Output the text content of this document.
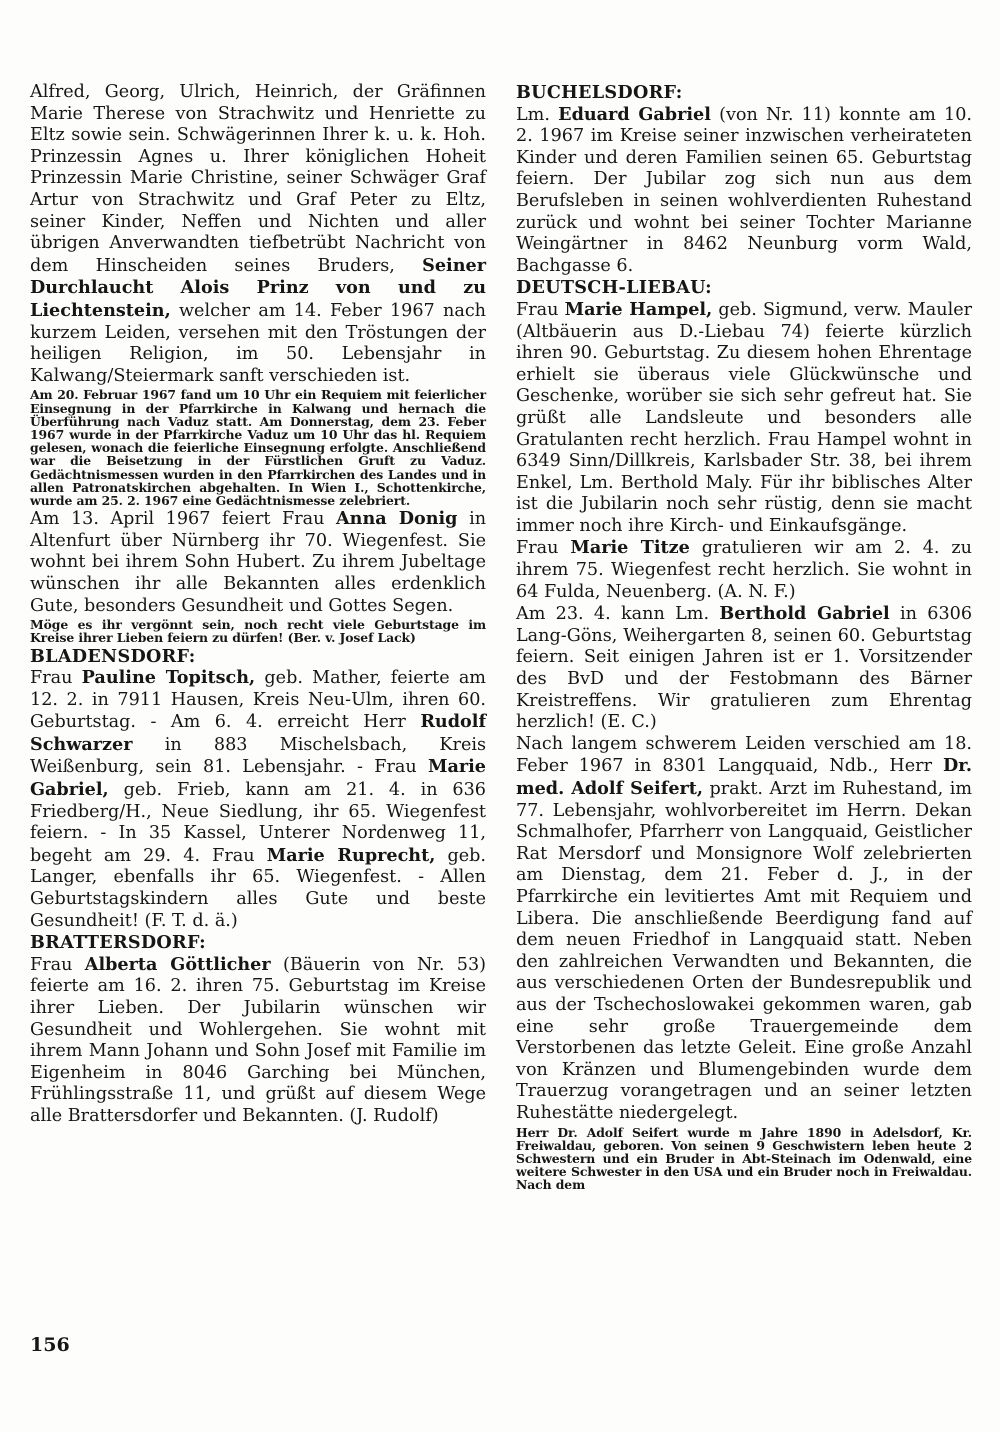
Alfred, Georg, Ulrich, Heinrich, der Gräfinnen Marie Therese von Strachwitz und Henriette zu Eltz sowie sein. Schwägerinnen Ihrer k. u. k. Hoh. Prinzessin Agnes u. Ihrer königlichen Hoheit Prinzessin Marie Christine, seiner Schwäger Graf Artur von Strachwitz und Graf Peter zu Eltz, seiner Kinder, Neffen und Nichten und aller übrigen Anverwandten tiefbetrübt Nachricht von dem Hinscheiden seines Bruders, Seiner Durchlaucht Alois Prinz von und zu Liechtenstein, welcher am 14. Feber 1967 nach kurzem Leiden, versehen mit den Tröstungen der heiligen Religion, im 50. Lebensjahr in Kalwang/Steiermark sanft verschieden ist.

Am 20. Februar 1967 fand um 10 Uhr ein Requiem mit feierlicher Einsegnung in der Pfarrkirche in Kalwang und hernach die Überführung nach Vaduz statt. Am Donnerstag, dem 23. Feber 1967 wurde in der Pfarrkirche Vaduz um 10 Uhr das hl. Requiem gelesen, wonach die feierliche Einsegnung erfolgte. Anschließend war die Beisetzung in der Fürstlichen Gruft zu Vaduz. Gedächtnismessen wurden in den Pfarrkirchen des Landes und in allen Patronatskirchen abgehalten. In Wien I., Schottenkirche, wurde am 25. 2. 1967 eine Gedächtnismesse zelebriert.

Am 13. April 1967 feiert Frau Anna Donig in Altenfurt über Nürnberg ihr 70. Wiegenfest. Sie wohnt bei ihrem Sohn Hubert. Zu ihrem Jubeltage wünschen ihr alle Bekannten alles erdenklich Gute, besonders Gesundheit und Gottes Segen.

Möge es ihr vergönnt sein, noch recht viele Geburtstage im Kreise ihrer Lieben feiern zu dürfen! (Ber. v. Josef Lack)

BLADENSDORF:

Frau Pauline Topitsch, geb. Mather, feierte am 12. 2. in 7911 Hausen, Kreis Neu-Ulm, ihren 60. Geburtstag. - Am 6. 4. erreicht Herr Rudolf Schwarzer in 883 Mischelsbach, Kreis Weißenburg, sein 81. Lebensjahr. - Frau Marie Gabriel, geb. Frieb, kann am 21. 4. in 636 Friedberg/H., Neue Siedlung, ihr 65. Wiegenfest feiern. - In 35 Kassel, Unterer Nordenweg 11, begeht am 29. 4. Frau Marie Ruprecht, geb. Langer, ebenfalls ihr 65. Wiegenfest. - Allen Geburtstagskindern alles Gute und beste Gesundheit! (F. T. d. ä.)

BRATTERSDORF:

Frau Alberta Göttlicher (Bäuerin von Nr. 53) feierte am 16. 2. ihren 75. Geburtstag im Kreise ihrer Lieben. Der Jubilarin wünschen wir Gesundheit und Wohlergehen. Sie wohnt mit ihrem Mann Johann und Sohn Josef mit Familie im Eigenheim in 8046 Garching bei München, Frühlingsstraße 11, und grüßt auf diesem Wege alle Brattersdorfer und Bekannten. (J. Rudolf)

BUCHELSDORF:

Lm. Eduard Gabriel (von Nr. 11) konnte am 10. 2. 1967 im Kreise seiner inzwischen verheirateten Kinder und deren Familien seinen 65. Geburtstag feiern. Der Jubilar zog sich nun aus dem Berufsleben in seinen wohlverdienten Ruhestand zurück und wohnt bei seiner Tochter Marianne Weingärtner in 8462 Neunburg vorm Wald, Bachgasse 6.

DEUTSCH-LIEBAU:

Frau Marie Hampel, geb. Sigmund, verw. Mauler (Altbäuerin aus D.-Liebau 74) feierte kürzlich ihren 90. Geburtstag. Zu diesem hohen Ehrentage erhielt sie überaus viele Glückwünsche und Geschenke, worüber sie sich sehr gefreut hat. Sie grüßt alle Landsleute und besonders alle Gratulanten recht herzlich. Frau Hampel wohnt in 6349 Sinn/Dillkreis, Karlsbader Str. 38, bei ihrem Enkel, Lm. Berthold Maly. Für ihr biblisches Alter ist die Jubilarin noch sehr rüstig, denn sie macht immer noch ihre Kirch- und Einkaufsgänge.

Frau Marie Titze gratulieren wir am 2. 4. zu ihrem 75. Wiegenfest recht herzlich. Sie wohnt in 64 Fulda, Neuenberg. (A. N. F.)

Am 23. 4. kann Lm. Berthold Gabriel in 6306 Lang-Göns, Weihergarten 8, seinen 60. Geburtstag feiern. Seit einigen Jahren ist er 1. Vorsitzender des BvD und der Festobmann des Bärner Kreistreffens. Wir gratulieren zum Ehrentag herzlich! (E. C.)

Nach langem schwerem Leiden verschied am 18. Feber 1967 in 8301 Langquaid, Ndb., Herr Dr. med. Adolf Seifert, prakt. Arzt im Ruhestand, im 77. Lebensjahr, wohlvorbereitet im Herrn. Dekan Schmalhofer, Pfarrherr von Langquaid, Geistlicher Rat Mersdorf und Monsignore Wolf zelebrierten am Dienstag, dem 21. Feber d. J., in der Pfarrkirche ein levitiertes Amt mit Requiem und Libera. Die anschließende Beerdigung fand auf dem neuen Friedhof in Langquaid statt. Neben den zahlreichen Verwandten und Bekannten, die aus verschiedenen Orten der Bundesrepublik und aus der Tschechoslowakei gekommen waren, gab eine sehr große Trauergemeinde dem Verstorbenen das letzte Geleit. Eine große Anzahl von Kränzen und Blumengebinden wurde dem Trauerzug vorangetragen und an seiner letzten Ruhestätte niedergelegt.

Herr Dr. Adolf Seifert wurde m Jahre 1890 in Adelsdorf, Kr. Freiwaldau, geboren. Von seinen 9 Geschwistern leben heute 2 Schwestern und ein Bruder in Abt-Steinach im Odenwald, eine weitere Schwester in den USA und ein Bruder noch in Freiwaldau. Nach dem

156
